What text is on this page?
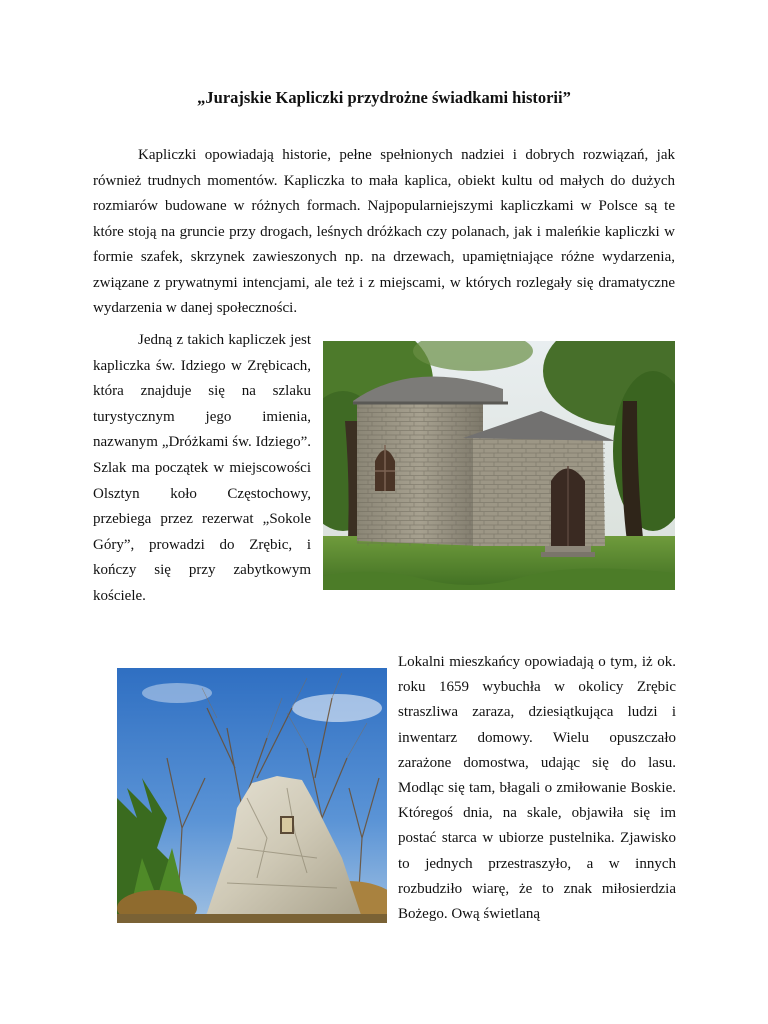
„Jurajskie Kapliczki przydrożne świadkami historii”

Kapliczki opowiadają historie, pełne spełnionych nadziei i dobrych rozwiązań, jak również trudnych momentów. Kapliczka to mała kaplica, obiekt kultu od małych do dużych rozmiarów budowane w różnych formach. Najpopularniejszymi kapliczkami w Polsce są te które stoją na gruncie przy drogach, leśnych dróżkach czy polanach, jak i maleńkie kapliczki w formie szafek, skrzynek zawieszonych np. na drzewach, upamiętniające różne wydarzenia, związane z prywatnymi intencjami, ale też i z miejscami, w których rozlegały się dramatyczne wydarzenia w danej społeczności.

Jedną z takich kapliczek jest kapliczka św. Idziego w Zrębicach, która znajduje się na szlaku turystycznym jego imienia, nazwanym „Dróżkami św. Idziego”. Szlak ma początek w miejscowości Olsztyn koło Częstochowy, przebiega przez rezerwat „Sokole Góry”, prowadzi do Zrębic, i kończy się przy zabytkowym kościele.

Lokalni mieszkańcy opowiadają o tym, iż ok. roku 1659 wybuchła w okolicy Zrębic straszliwa zaraza, dziesiątkująca ludzi i inwentarz domowy. Wielu opuszczało zarażone domostwa, udając się do lasu. Modląc się tam, błagali o zmiłowanie Boskie. Któregoś dnia, na skale, objawiła się im postać starca w ubiorze pustelnika. Zjawisko to jednych przestraszyło, a w innych rozbudziło wiarę, że to znak miłosierdzia Bożego. Ową świetlaną
